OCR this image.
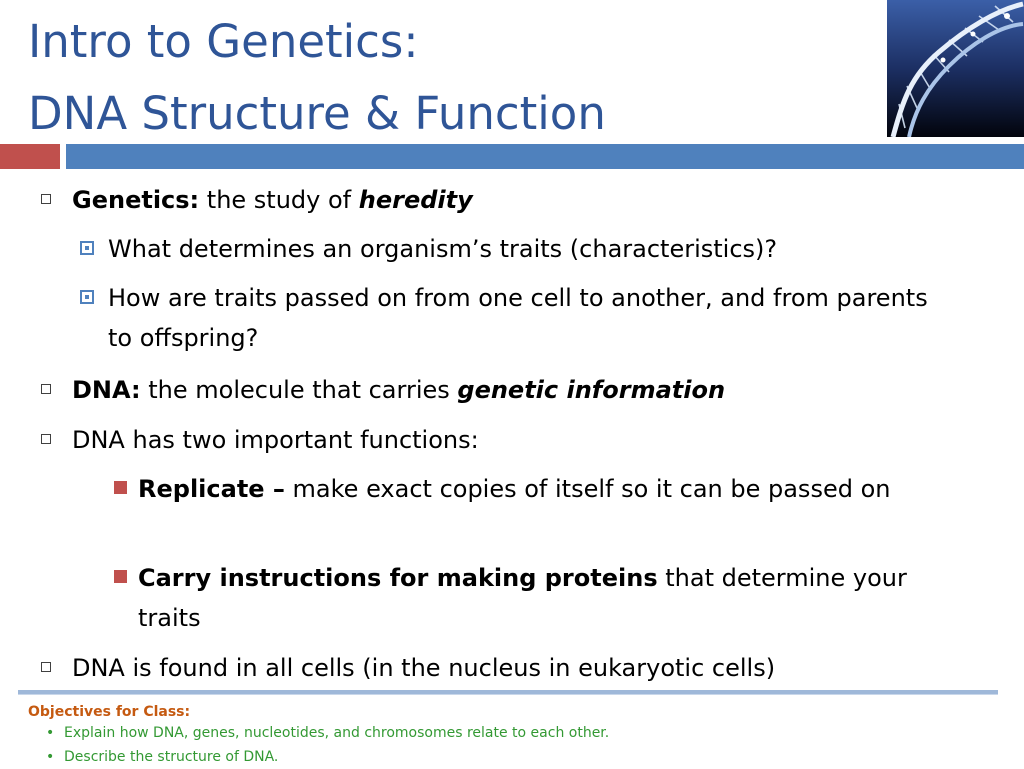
Intro to Genetics:
DNA Structure & Function
Genetics: the study of heredity
What determines an organism’s traits (characteristics)?
How are traits passed on from one cell to another, and from parents to offspring?
DNA: the molecule that carries genetic information
DNA has two important functions:
Replicate – make exact copies of itself so it can be passed on
Carry instructions for making proteins that determine your traits
DNA is found in all cells (in the nucleus in eukaryotic cells)
Objectives for Class:
• Explain how DNA, genes, nucleotides, and chromosomes relate to each other.
• Describe the structure of DNA.
